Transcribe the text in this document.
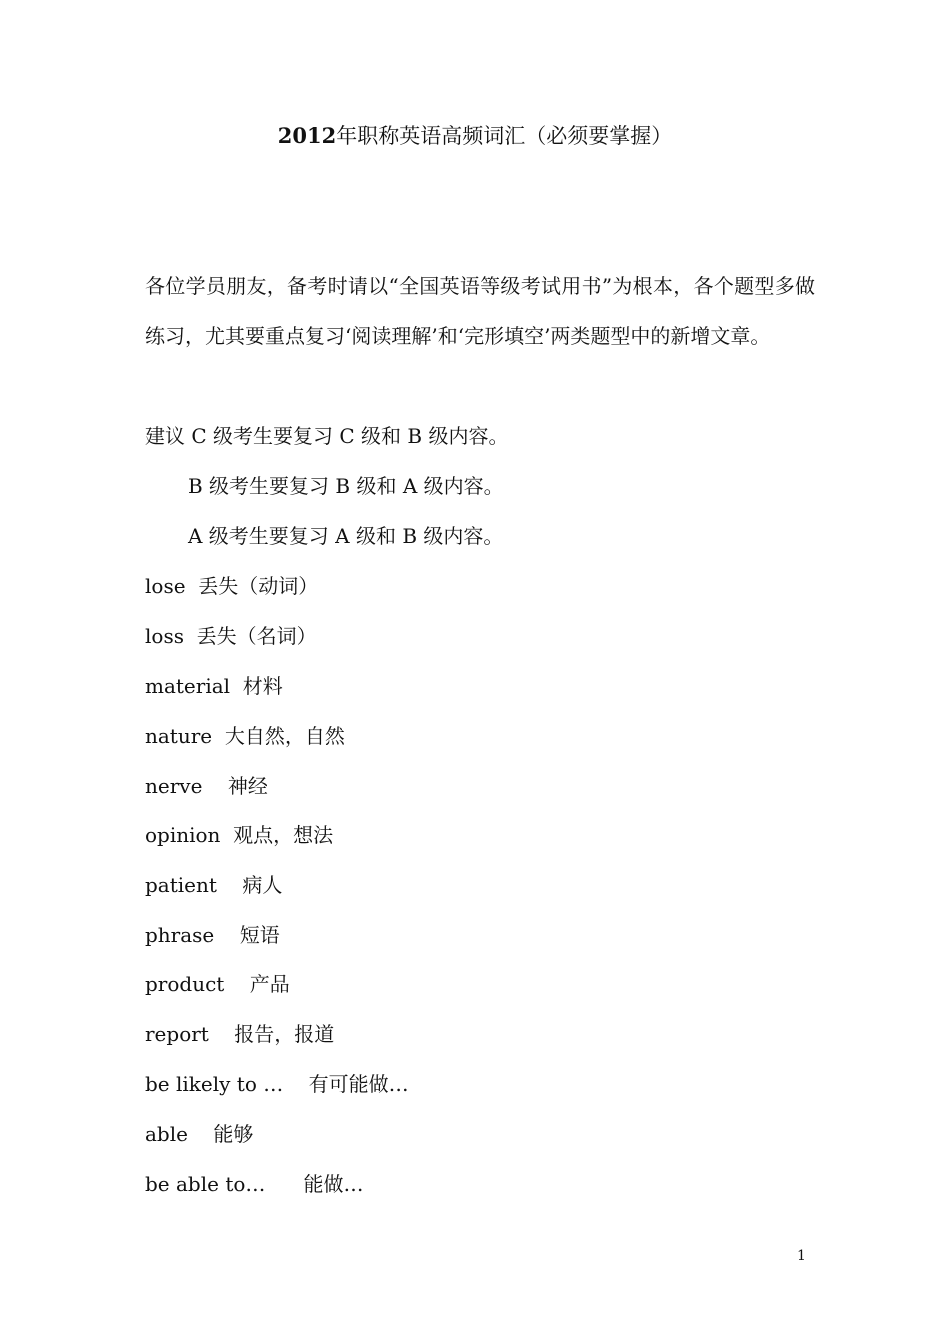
2012年职称英语高频词汇（必须要掌握）
各位学员朋友，备考时请以“全国英语等级考试用书”为根本，各个题型多做练习，尤其要重点复习‘阅读理解’和‘完形填空’两类题型中的新增文章。
建议 C 级考生要复习 C 级和 B 级内容。
B 级考生要复习 B 级和 A 级内容。
A 级考生要复习 A 级和 B 级内容。
lose  丢失（动词）
loss  丢失（名词）
material  材料
nature  大自然，自然
nerve    神经
opinion  观点，想法
patient    病人
phrase    短语
product    产品
report    报告，报道
be likely to …    有可能做…
able    能够
be able to…      能做…
1
